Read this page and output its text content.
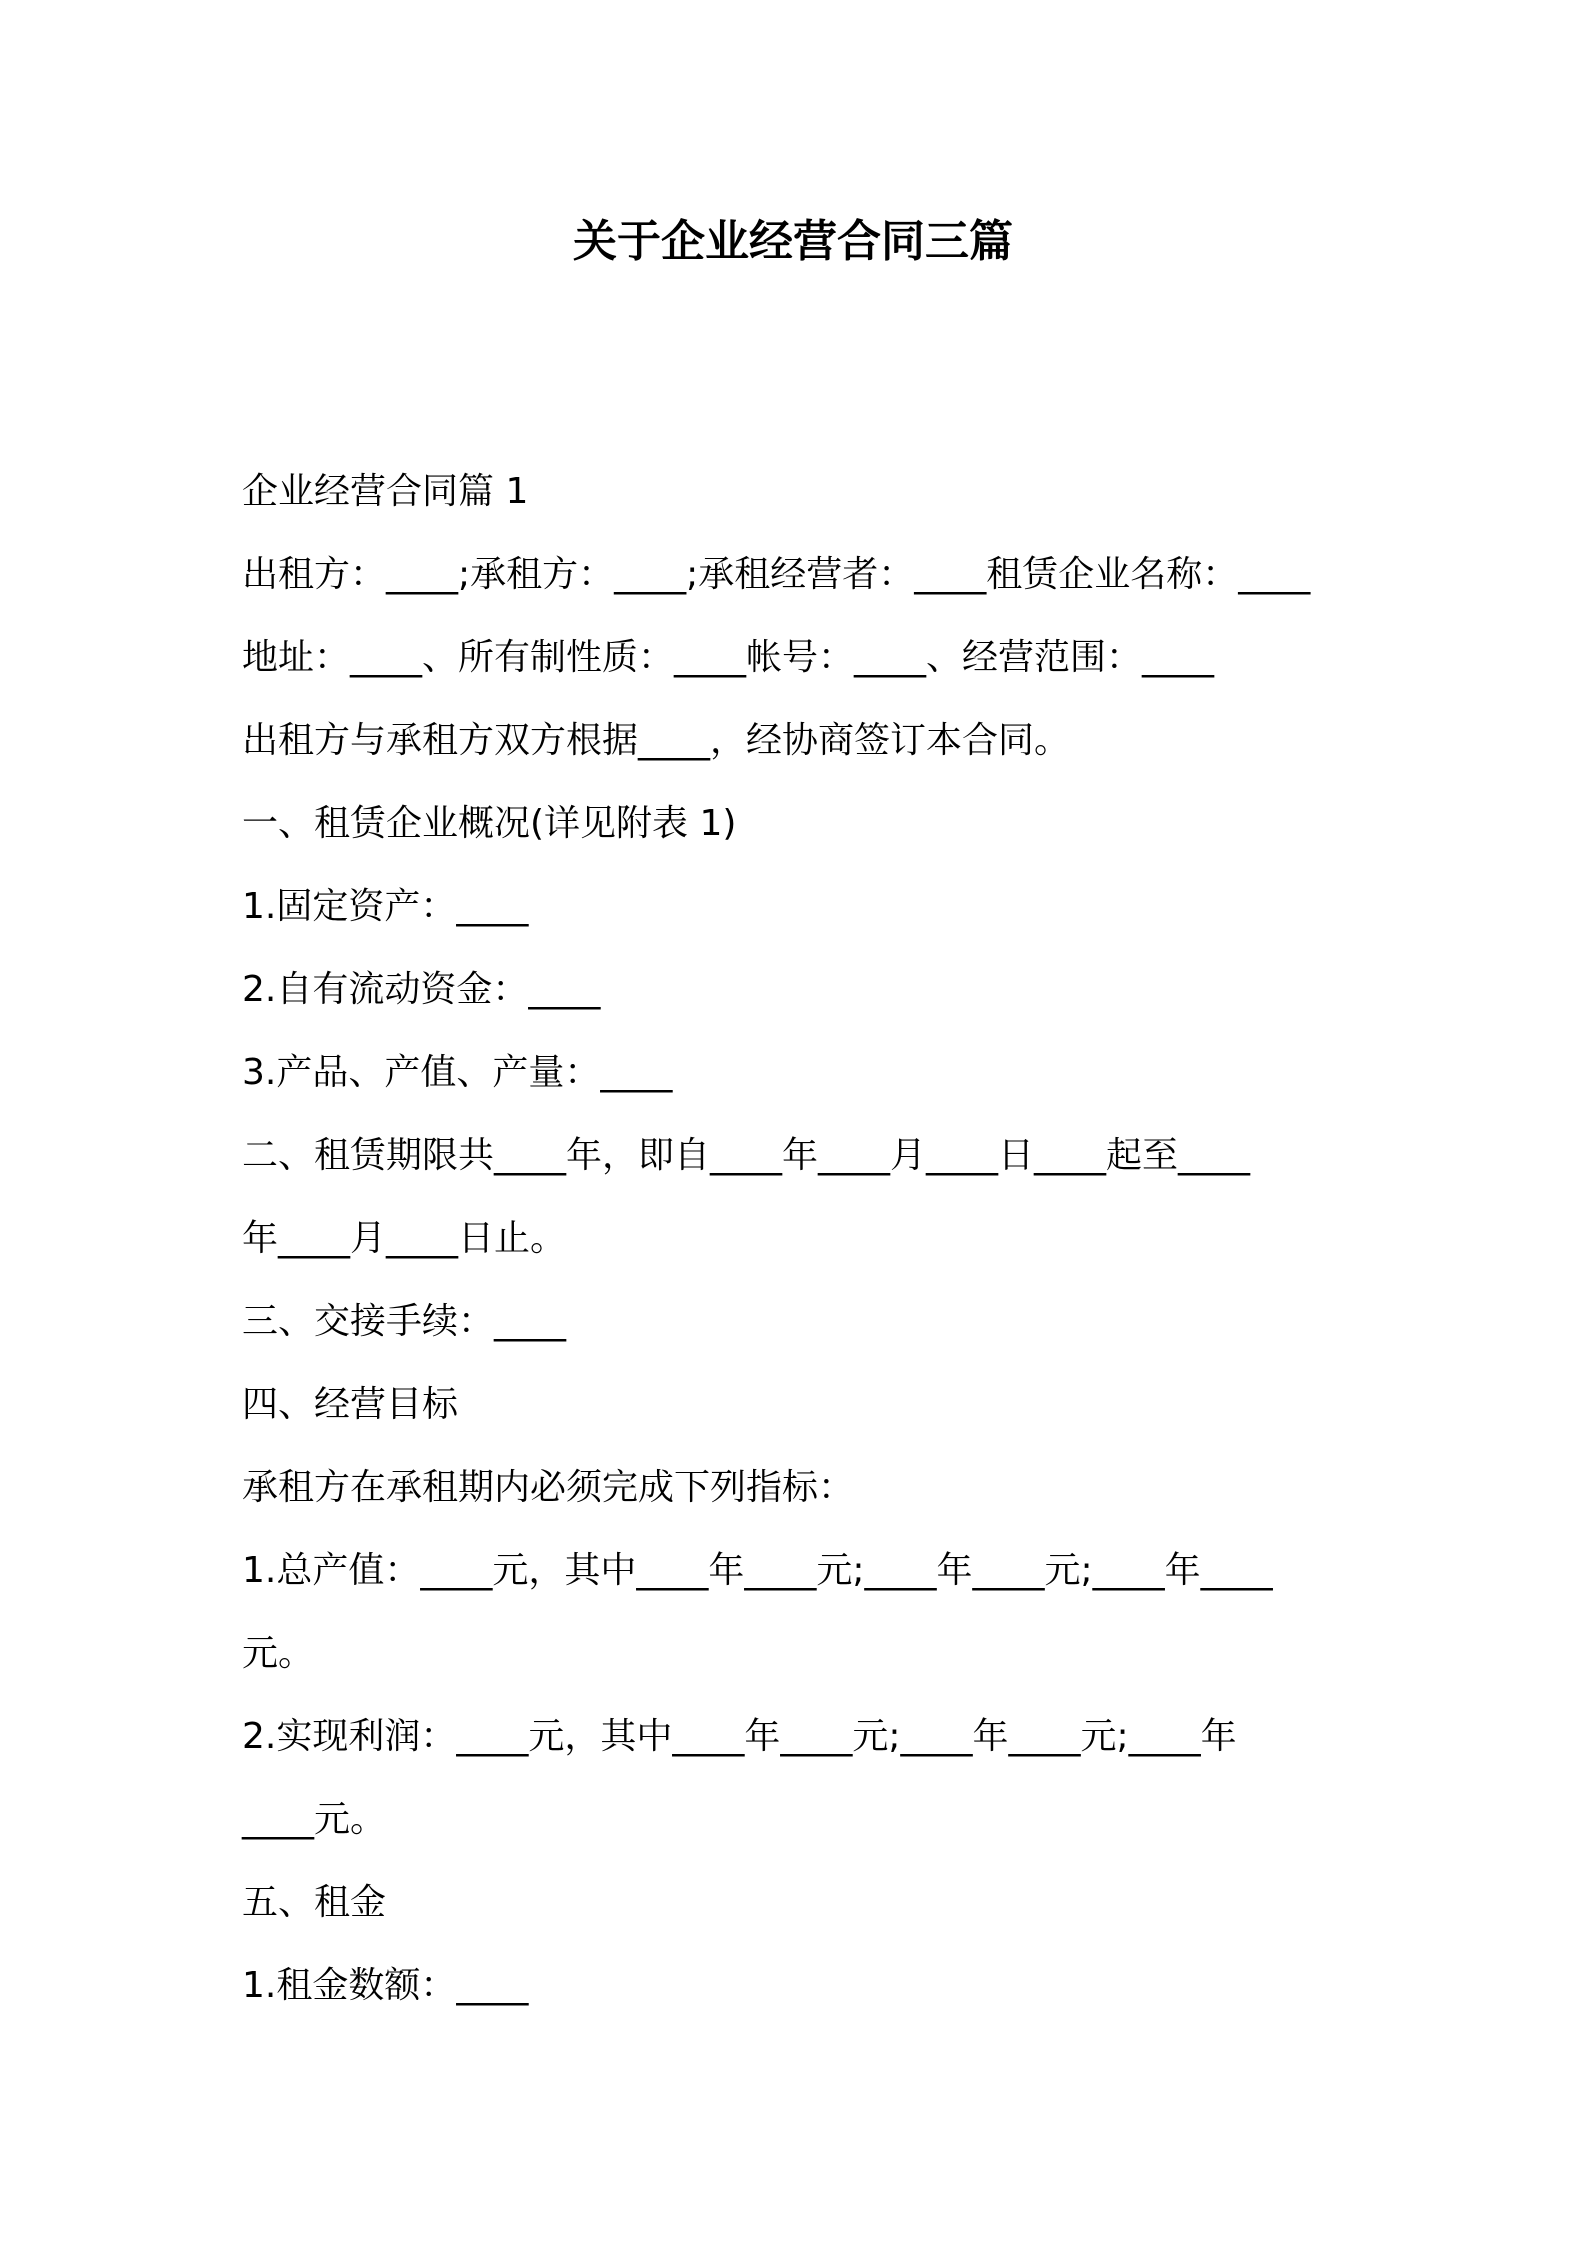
关于企业经营合同三篇
企业经营合同篇 1
出租方：____;承租方：____;承租经营者：____租赁企业名称：____
地址：____、所有制性质：____帐号：____、经营范围：____
出租方与承租方双方根据____，经协商签订本合同。
一、租赁企业概况(详见附表 1)
1.固定资产：____
2.自有流动资金：____
3.产品、产值、产量：____
二、租赁期限共____年，即自____年____月____日____起至____
年____月____日止。
三、交接手续：____
四、经营目标
承租方在承租期内必须完成下列指标：
1.总产值：____元，其中____年____元;____年____元;____年____
元。
2.实现利润：____元，其中____年____元;____年____元;____年
____元。
五、租金
1.租金数额：____
